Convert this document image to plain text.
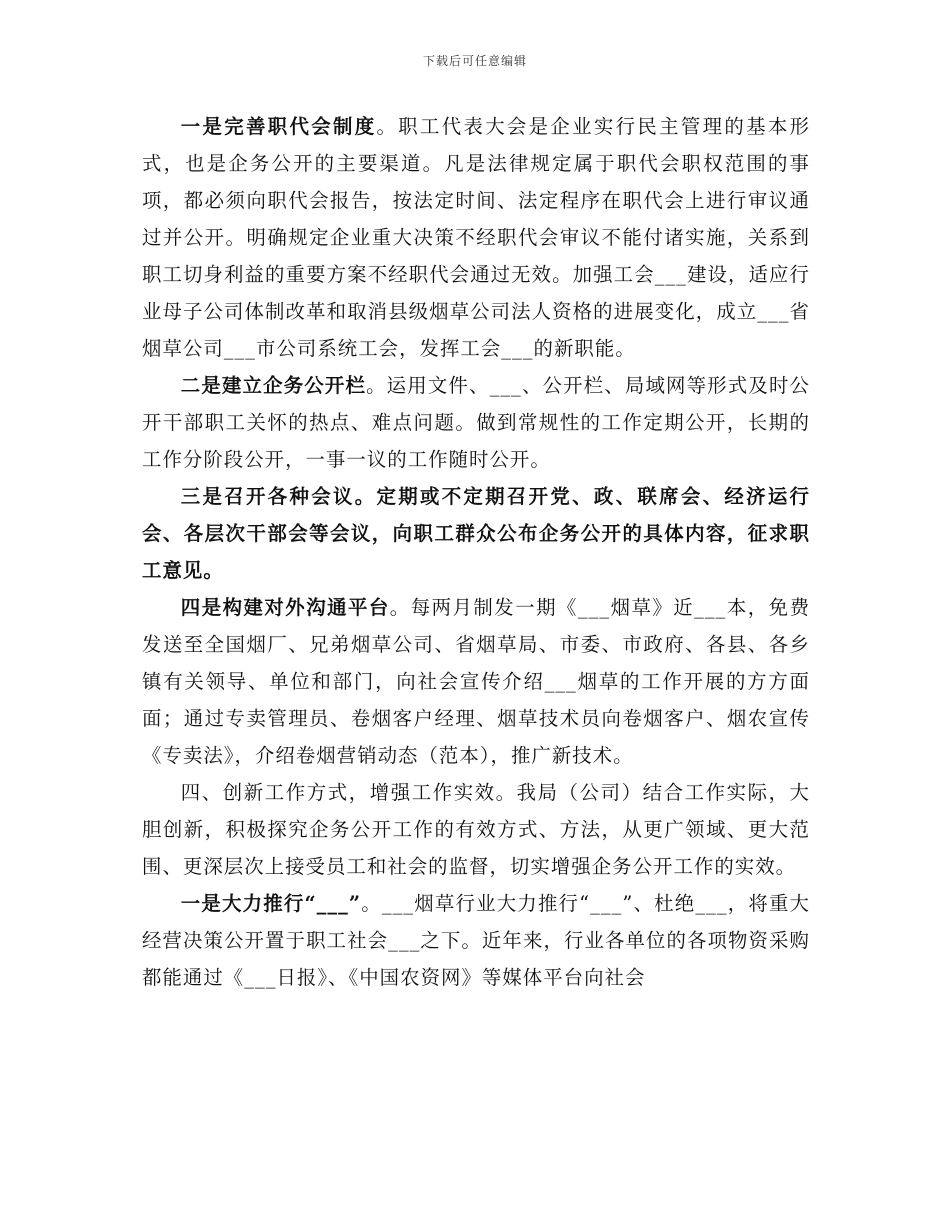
下载后可任意编辑

一是完善职代会制度。职工代表大会是企业实行民主管理的基本形式，也是企务公开的主要渠道。凡是法律规定属于职代会职权范围的事项，都必须向职代会报告，按法定时间、法定程序在职代会上进行审议通过并公开。明确规定企业重大决策不经职代会审议不能付诸实施，关系到职工切身利益的重要方案不经职代会通过无效。加强工会___建设，适应行业母子公司体制改革和取消县级烟草公司法人资格的进展变化，成立___省烟草公司___市公司系统工会，发挥工会___的新职能。

二是建立企务公开栏。运用文件、___、公开栏、局域网等形式及时公开干部职工关怀的热点、难点问题。做到常规性的工作定期公开，长期的工作分阶段公开，一事一议的工作随时公开。

三是召开各种会议。定期或不定期召开党、政、联席会、经济运行会、各层次干部会等会议，向职工群众公布企务公开的具体内容，征求职工意见。

四是构建对外沟通平台。每两月制发一期《___烟草》近___本，免费发送至全国烟厂、兄弟烟草公司、省烟草局、市委、市政府、各县、各乡镇有关领导、单位和部门，向社会宣传介绍___烟草的工作开展的方方面面；通过专卖管理员、卷烟客户经理、烟草技术员向卷烟客户、烟农宣传《专卖法》，介绍卷烟营销动态（范本），推广新技术。

四、创新工作方式，增强工作实效。我局（公司）结合工作实际，大胆创新，积极探究企务公开工作的有效方式、方法，从更广领域、更大范围、更深层次上接受员工和社会的监督，切实增强企务公开工作的实效。

一是大力推行“___”。___烟草行业大力推行“___”、杜绝___，将重大经营决策公开置于职工社会___之下。近年来，行业各单位的各项物资采购都能通过《___日报》、《中国农资网》等媒体平台向社会
